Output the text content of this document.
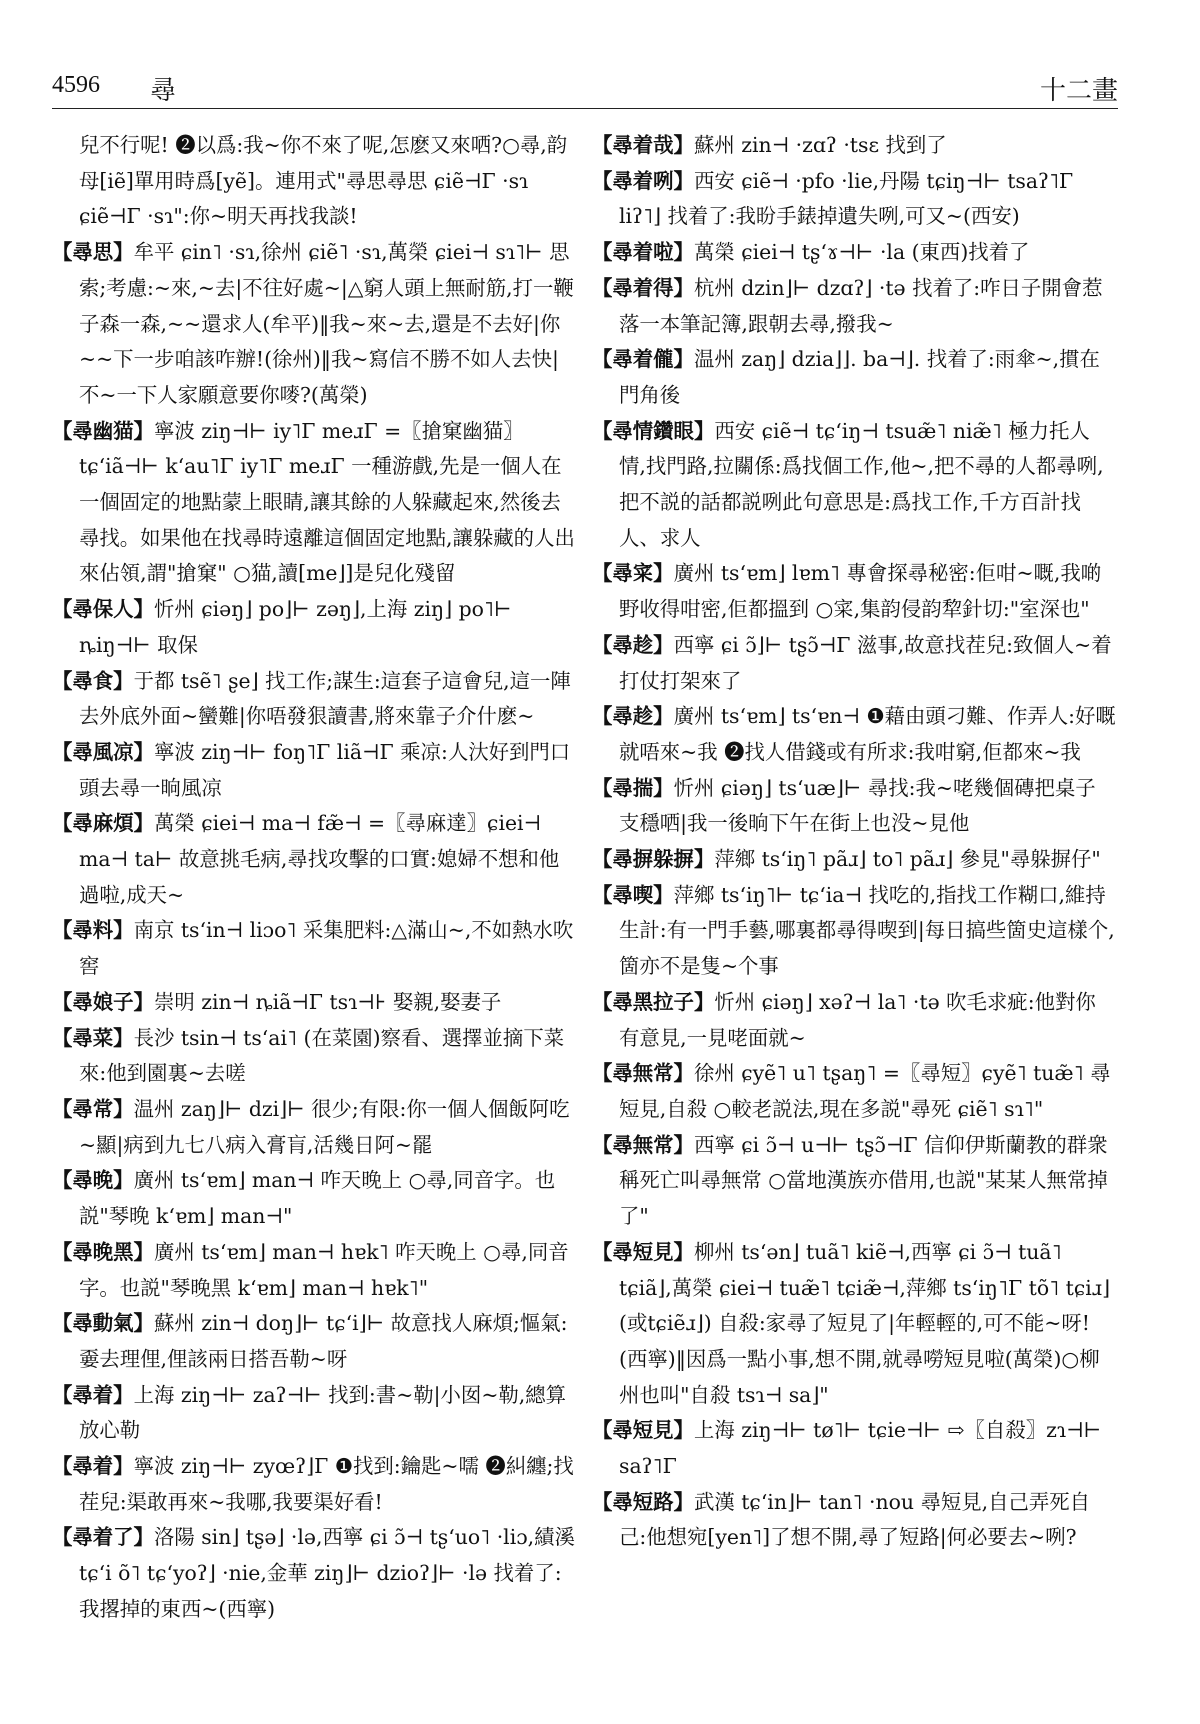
4596 尋	十二畫

兒不行呢! ❷以爲:我~你不來了呢,怎麽又來哂?○尋,韵母[iẽ]單用時爲[yẽ]。連用式"尋思尋思 ɕiẽ⊣Γ ·sɿ ɕiẽ⊣Γ ·sɿ":你~明天再找我談!

【尋思】牟平 ɕin˥ ·sɿ,徐州 ɕiẽ˥ ·sɿ,萬榮 ɕiei⊣ sɿ˥⊢ 思索;考慮:~來,~去|不往好處~|△窮人頭上無耐筋,打一鞭子森一森,~~還求人(牟平)‖我~來~去,還是不去好|你~~下一步咱該咋辦!(徐州)‖我~寫信不勝不如人去快|不~一下人家願意要你嘜?(萬榮)

【尋幽猫】寧波 ziŋ⊣⊢ iy˥Γ meɹΓ =〖搶窠幽猫〗 tɕʻiã⊣⊢ kʻau˥Γ iy˥Γ meɹΓ 一種游戲,先是一個人在一個固定的地點蒙上眼睛,讓其餘的人躲藏起來,然後去尋找。如果他在找尋時遠離這個固定地點,讓躲藏的人出來佔領,謂"搶窠" ○猫,讀[me⌋]是兒化殘留

【尋保人】忻州 ɕiəŋ⌋ po⌋⊢ zəŋ⌋,上海 ziŋ⌋ po˥⊢ ȵiŋ⊣⊢ 取保

【尋食】于都 tsẽ˥ ʂe⌋ 找工作;謀生:這套子這會兒,這一陣去外底外面~蠻難|你唔發狠讀書,將來靠子介什麽~

【尋風凉】寧波 ziŋ⊣⊢ foŋ˥Γ liã⊣Γ 乘凉:人汏好到門口頭去尋一晌風凉

【尋麻煩】萬榮 ɕiei⊣ ma⊣ fæ̃⊣ =〖尋麻達〗ɕiei⊣ ma⊣ ta⊢ 故意挑毛病,尋找攻擊的口實:媳婦不想和他過啦,成天~

【尋料】南京 tsʻin⊣ liɔo˥ 采集肥料:△滿山~,不如熱水吹窖

【尋娘子】崇明 zin⊣ ȵiã⊣Γ tsɿ⊣⊦ 娶親,娶妻子

【尋菜】長沙 tsin⊣ tsʻai˥ (在菜園)察看、選擇並摘下菜來:他到園裏~去嗟

【尋常】温州 zaŋ⌋⊢ dzi⌋⊢ 很少;有限:你一個人個飯阿吃~顯|病到九七八病入膏肓,活幾日阿~罷

【尋晚】廣州 tsʻɐm⌋ man⊣ 咋天晚上 ○尋,同音字。也説"琴晚 kʻɐm⌋ man⊣"

【尋晚黑】廣州 tsʻɐm⌋ man⊣ hɐk˥ 咋天晚上 ○尋,同音字。也説"琴晚黑 kʻɐm⌋ man⊣ hɐk˥"

【尋動氣】蘇州 zin⊣ doŋ⌋⊢ tɕʻi⌋⊢ 故意找人麻煩;慪氣:嫑去理俚,俚該兩日搭吾勒~呀

【尋着】上海 ziŋ⊣⊢ zaʔ⊣⊢ 找到:書~勒|小囡~勒,總算放心勒

【尋着】寧波 ziŋ⊣⊢ zyœʔ⌋Γ ❶找到:鑰匙~嚅 ❷糾纏;找茬兒:渠敢再來~我哪,我要渠好看!

【尋着了】洛陽 sin⌋ tʂə⌋ ·lə,西寧 ɕi ɔ̃⊣ tʂʻuo˥ ·liɔ,績溪 tɕʻi õ˥ tɕʻyoʔ⌋ ·nie,金華 ziŋ⌋⊢ dzioʔ⌋⊢ ·lə 找着了:我撂掉的東西~(西寧)

【尋着哉】蘇州 zin⊣ ·zɑʔ ·tsɛ 找到了

【尋着咧】西安 ɕiẽ⊣ ·pfo ·lie,丹陽 tɕiŋ⊣⊢ tsaʔ˥Γ liʔ˥⌋ 找着了:我昐手錶掉遺失咧,可又~(西安)

【尋着啦】萬榮 ɕiei⊣ tʂʻɤ⊣⊢ ·la (東西)找着了

【尋着得】杭州 dzin⌋⊢ dzɑʔ⌋ ·tə 找着了:咋日子開會惹落一本筆記簿,跟朝去尋,撥我~

【尋着儱】温州 zaŋ⌋ dzia⌋⌋. ba⊣⌋. 找着了:雨傘~,摜在門角後

【尋情鑽眼】西安 ɕiẽ⊣ tɕʻiŋ⊣ tsuæ̃˥ niæ̃˥ 極力托人情,找門路,拉關係:爲找個工作,他~,把不尋的人都尋咧,把不説的話都説咧此句意思是:爲找工作,千方百計找人、求人

【尋寀】廣州 tsʻɐm⌋ lɐm˥ 專會探尋秘密:佢咁~嘅,我啲野收得咁密,佢都搵到 ○寀,集韵侵韵犂針切:"室深也"

【尋趁】西寧 ɕi ɔ̃⌋⊢ tʂɔ̃⊣Γ 滋事,故意找茬兒:致個人~着打仗打架來了

【尋趁】廣州 tsʻɐm⌋ tsʻɐn⊣ ❶藉由頭刁難、作弄人:好嘅就唔來~我 ❷找人借錢或有所求:我咁窮,佢都來~我

【尋揣】忻州 ɕiəŋ⌋ tsʻuæ⌋⊢ 尋找:我~咾幾個磚把桌子支穩哂|我一後晌下午在街上也没~見他

【尋摒躲摒】萍鄉 tsʻiŋ˥ pãɹ⌋ to˥ pãɹ⌋ 參見"尋躲摒仔"

【尋喫】萍鄉 tsʻiŋ˥⊢ tɕʻia⊣ 找吃的,指找工作糊口,維持生計:有一門手藝,哪裏都尋得喫到|每日搞些箇史這樣个,箇亦不是隻~个事

【尋黑拉子】忻州 ɕiəŋ⌋ xəʔ⊣ la˥ ·tə 吹毛求疵:他對你有意見,一見咾面就~

【尋無常】徐州 ɕyẽ˥ u˥ tʂaŋ˥ =〖尋短〗ɕyẽ˥ tuæ̃˥ 尋短見,自殺 ○較老説法,現在多説"尋死 ɕiẽ˥ sɿ˥"

【尋無常】西寧 ɕi ɔ̃⊣ u⊣⊢ tʂɔ̃⊣Γ 信仰伊斯蘭教的群衆稱死亡叫尋無常 ○當地漢族亦借用,也説"某某人無常掉了"

【尋短見】柳州 tsʻən⌋ tuã˥ kiẽ⊣,西寧 ɕi ɔ̃⊣ tuã˥ tɕiã⌋,萬榮 ɕiei⊣ tuæ̃˥ tɕiæ̃⊣,萍鄉 tsʻiŋ˥Γ tõ˥ tɕiɹ⌋(或tɕiẽɹ⌋) 自殺:家尋了短見了|年輕輕的,可不能~呀!(西寧)‖因爲一點小事,想不開,就尋嘮短見啦(萬榮)○柳州也叫"自殺 tsɿ⊣ sa⌋"

【尋短見】上海 ziŋ⊣⊢ tø˥⊢ tɕie⊣⊢ ⇨〖自殺〗zɿ⊣⊢ saʔ˥Γ

【尋短路】武漢 tɕʻin⌋⊢ tan˥ ·nou 尋短見,自己弄死自己:他想宛[yen˥]了想不開,尋了短路|何必要去~咧?
